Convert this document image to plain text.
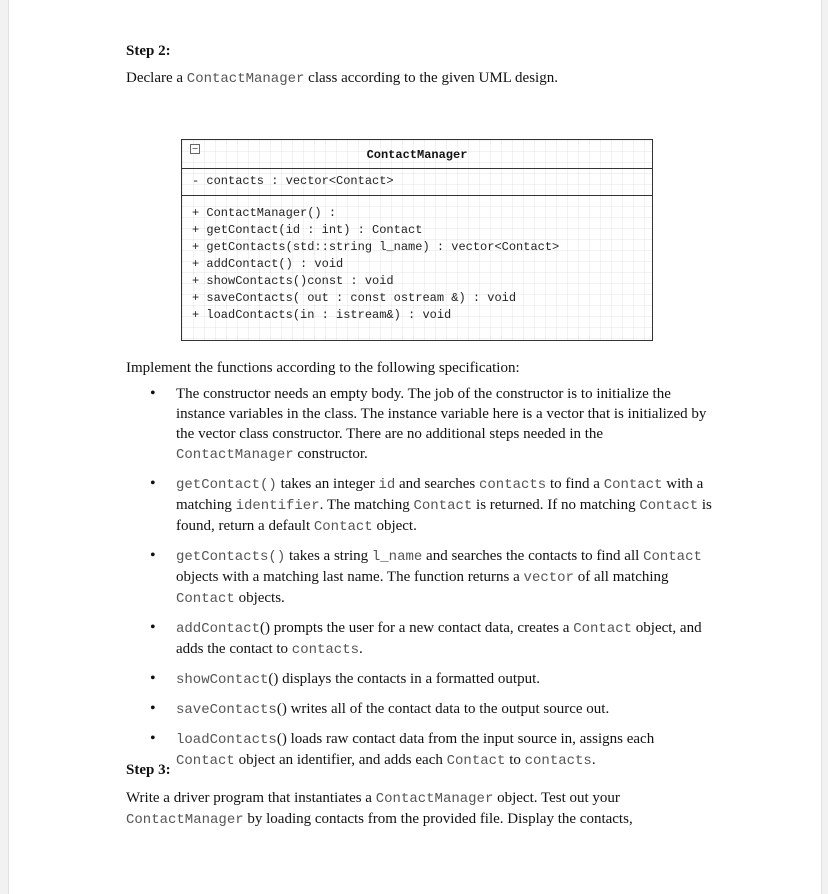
Step 2:
Declare a ContactManager class according to the given UML design.
−	ContactManager
- contacts : vector<Contact>
+ ContactManager() :
+ getContact(id : int) : Contact
+ getContacts(std::string l_name) : vector<Contact>
+ addContact() : void
+ showContacts()const : void
+ saveContacts( out : const ostream &) : void
+ loadContacts(in : istream&) : void
Implement the functions according to the following specification:
• The constructor needs an empty body. The job of the constructor is to initialize the instance variables in the class. The instance variable here is a vector that is initialized by the vector class constructor. There are no additional steps needed in the ContactManager constructor.
• getContact() takes an integer id and searches contacts to find a Contact with a matching identifier. The matching Contact is returned. If no matching Contact is found, return a default Contact object.
• getContacts() takes a string l_name and searches the contacts to find all Contact objects with a matching last name. The function returns a vector of all matching Contact objects.
• addContact() prompts the user for a new contact data, creates a Contact object, and adds the contact to contacts.
• showContact() displays the contacts in a formatted output.
• saveContacts() writes all of the contact data to the output source out.
• loadContacts() loads raw contact data from the input source in, assigns each Contact object an identifier, and adds each Contact to contacts.
Step 3:
Write a driver program that instantiates a ContactManager object. Test out your ContactManager by loading contacts from the provided file. Display the contacts,
